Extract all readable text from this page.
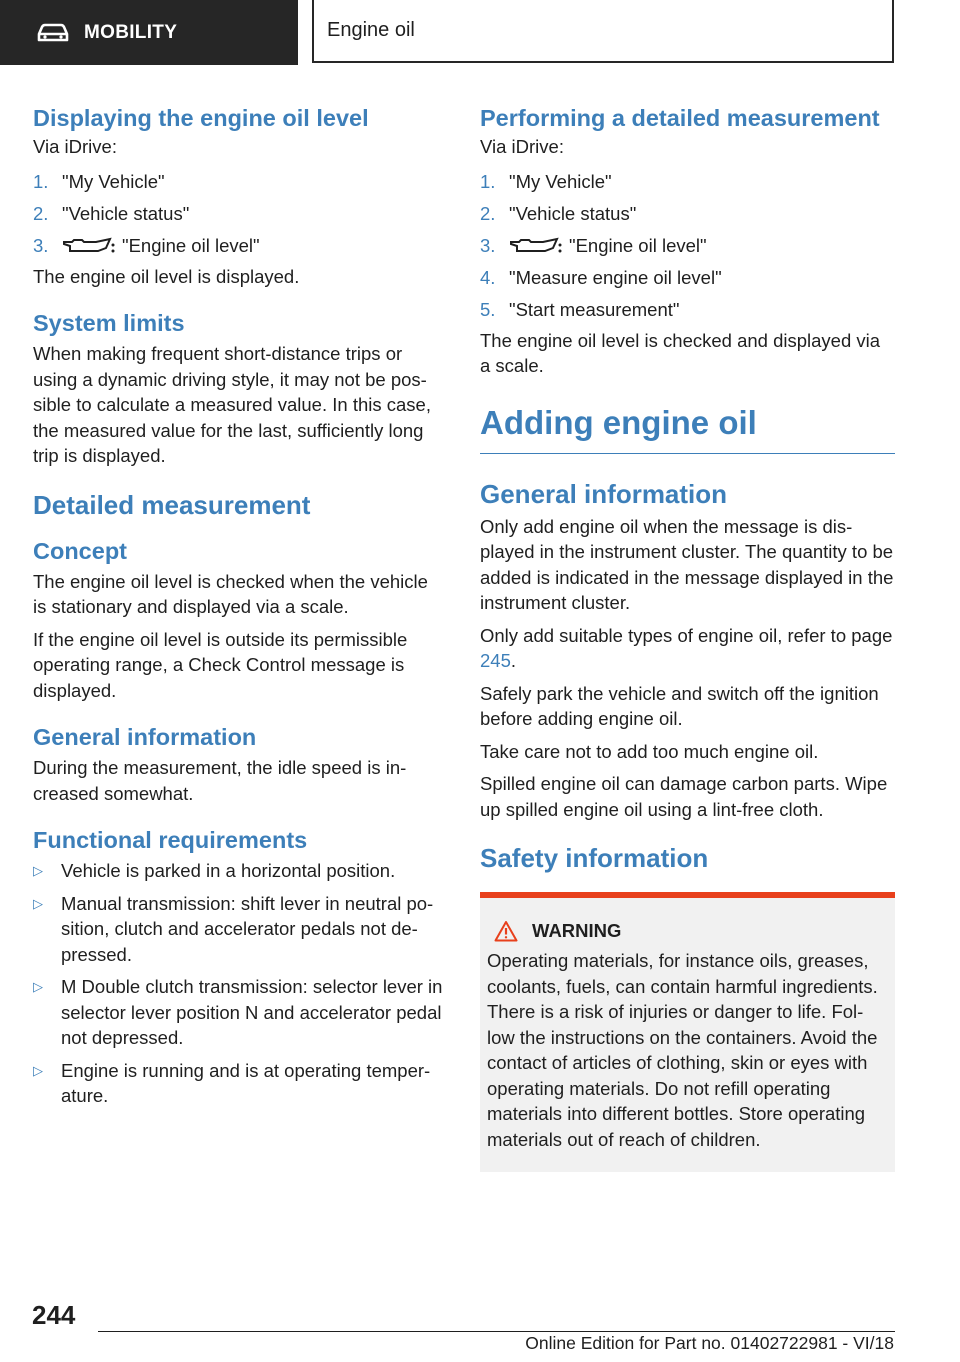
MOBILITY	Engine oil
Displaying the engine oil level

Via iDrive:

1. "My Vehicle"
2. "Vehicle status"
3.	"Engine oil level"

The engine oil level is displayed.

System limits

When making frequent short-distance trips or using a dynamic driving style, it may not be pos-sible to calculate a measured value. In this case, the measured value for the last, sufficiently long trip is displayed.

Detailed measurement
Concept

The engine oil level is checked when the vehicle is stationary and displayed via a scale.

If the engine oil level is outside its permissible operating range, a Check Control message is displayed.

General information

During the measurement, the idle speed is in-creased somewhat.

Functional requirements
▷ Vehicle is parked in a horizontal position.
▷ Manual transmission: shift lever in neutral po-sition, clutch and accelerator pedals not de-pressed.
▷ M Double clutch transmission: selector lever in selector lever position N and accelerator pedal not depressed.
▷ Engine is running and is at operating temper-ature.
Performing a detailed measurement

Via iDrive:

1. "My Vehicle"
2. "Vehicle status"
3.	"Engine oil level"
4. "Measure engine oil level"
5. "Start measurement"

The engine oil level is checked and displayed via a scale.

Adding engine oil
General information

Only add engine oil when the message is dis-played in the instrument cluster. The quantity to be added is indicated in the message displayed in the instrument cluster.

Only add suitable types of engine oil, refer to page 245.

Safely park the vehicle and switch off the ignition before adding engine oil.

Take care not to add too much engine oil.

Spilled engine oil can damage carbon parts. Wipe up spilled engine oil using a lint-free cloth.

Safety information
WARNING

Operating materials, for instance oils, greases, coolants, fuels, can contain harmful ingredients. There is a risk of injuries or danger to life. Fol-low the instructions on the containers. Avoid the contact of articles of clothing, skin or eyes with operating materials. Do not refill operating materials into different bottles. Store operating materials out of reach of children.

244
Online Edition for Part no. 01402722981 - VI/18
